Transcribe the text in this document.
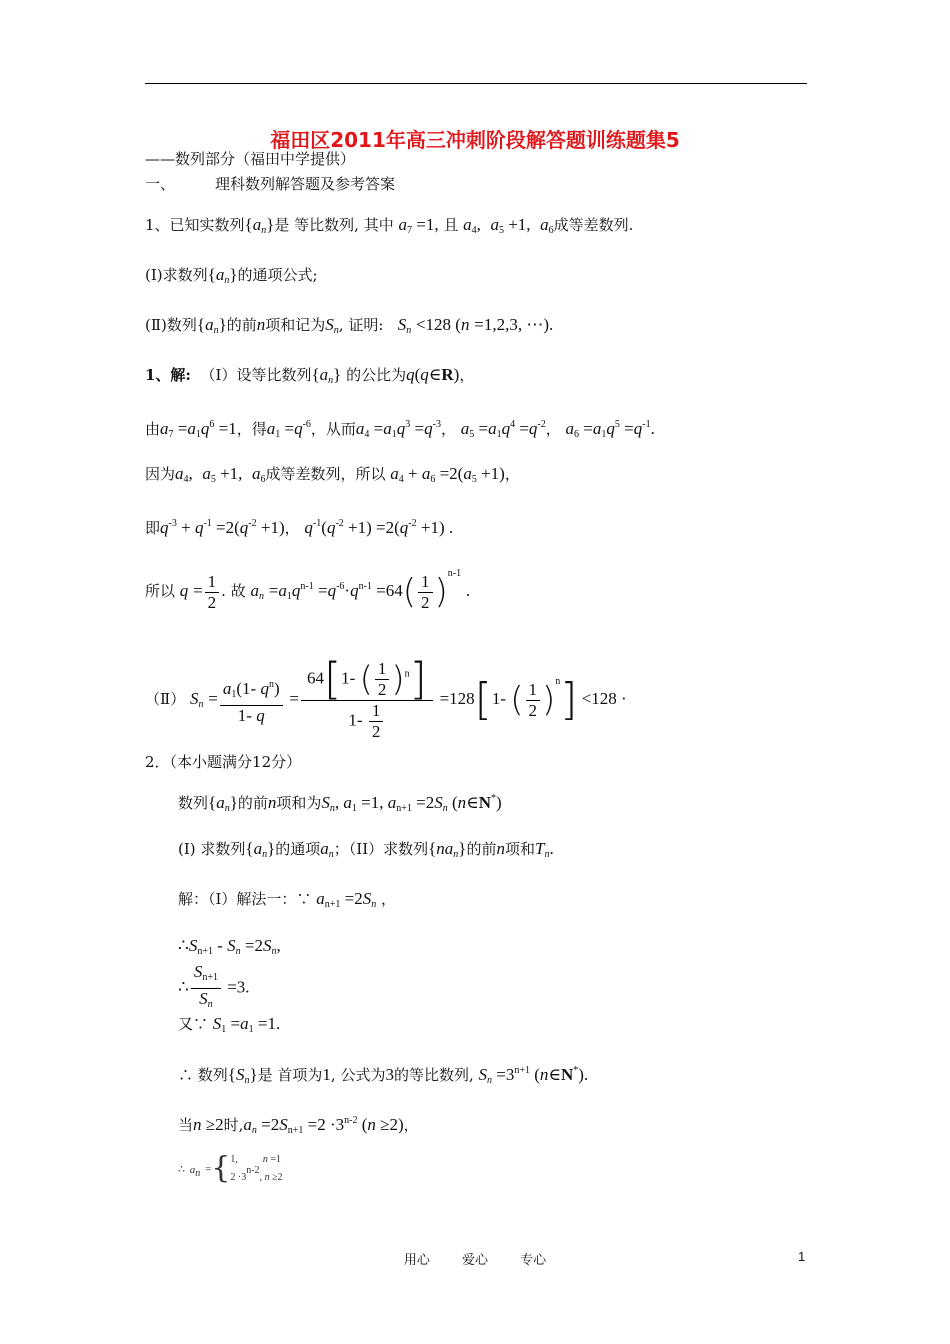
福田区2011年高三冲刺阶段解答题训练题集5
——数列部分（福田中学提供）
一、	理科数列解答题及参考答案
1、已知实数列$\{a_n\}$是 等比数列, 其中 $a_7 =1$, 且 $a_4$, $a_5 +1$, $a_6$成等差数列.
(Ⅰ)求数列$\{a_n\}$的通项公式;
(Ⅱ)数列$\{a_n\}$的前n项和记为$S_n$, 证明: $S_n <128$ (n =1,2,3, ⋯).
1、解: （Ⅰ）设等比数列$\{a_n\}$ 的公比为q(q∈R)，
由$a_7 =a_1q^6 =1$，得$a_1 =q^{-6}$，从而$a_4 =a_1q^3 =q^{-3}$， $a_5 =a_1q^4 =q^{-2}$， $a_6 =a_1q^5 =q^{-1}$.
因为$a_4$, $a_5 +1$, $a_6$成等差数列，所以 $a_4 + a_6 =2(a_5 +1)$，
即$q^{-3} + q^{-1} =2(q^{-2} +1)$， $q^{-1}(q^{-2} +1) =2(q^{-2} +1)$ .
所以 $q = \frac{1}{2}$ . 故 $a_n =a_1q^{n-1} =q^{-6}\cdot q^{n-1} =64( \frac{1}{2} )^{n-1}$ .
（Ⅱ） $S_n = \frac{a_1(1- q^n)}{1- q} = \frac{64[1- ( \frac{1}{2} )^n]}{1- \frac{1}{2}} =128[1-$ ( $\frac{1}{2} )^n] <128$ ·
2．（本小题满分12分）
数列$\{a_n\}$的前n项和为$S_n$, $a_1 =1$, $a_{n+1} =2S_n$ (n∈N*)
(I) 求数列$\{a_n\}$的通项$a_n$；（II）求数列$\{na_n\}$的前n项和$T_n$.
解：（I）解法一：∵ $a_{n+1} =2S_n$ ，
$\therefore S_{n+1} - S_n =2S_n$,
∴ $\frac{S_{n+1}}{S_n} =3$.
又∵ $S_1 =a_1 =1$.
∴ 数列$\{S_n\}$是 首项为1, 公式为3的等比数列, $S_n =3^{n+1}$ (n∈N*).
当n ≥2时$,a_n =2S_{n+1} =2 \cdot 3^{n-2}$ (n ≥2)，
∴ $a_n =\{1$,          n =1
$2 \cdot 3^{n-2}$, n ≥2
用心 爱心 专心	1
